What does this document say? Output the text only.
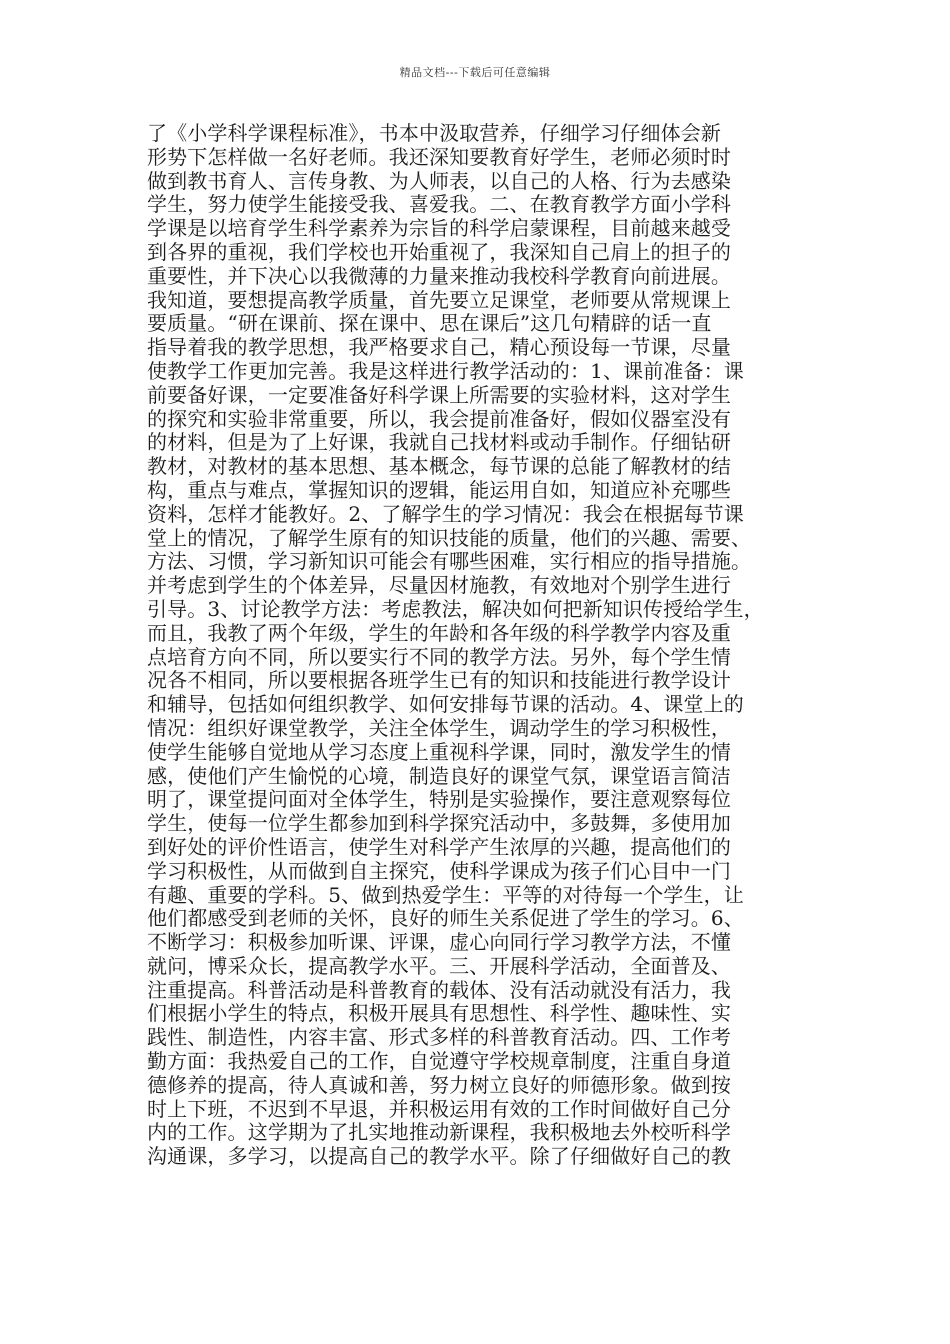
精品文档---下载后可任意编辑
了《小学科学课程标准》，书本中汲取营养，仔细学习仔细体会新
形势下怎样做一名好老师。我还深知要教育好学生，老师必须时时
做到教书育人、言传身教、为人师表，以自己的人格、行为去感染
学生，努力使学生能接受我、喜爱我。二、在教育教学方面小学科
学课是以培育学生科学素养为宗旨的科学启蒙课程，目前越来越受
到各界的重视，我们学校也开始重视了，我深知自己肩上的担子的
重要性，并下决心以我微薄的力量来推动我校科学教育向前进展。
我知道，要想提高教学质量，首先要立足课堂，老师要从常规课上
要质量。“研在课前、探在课中、思在课后”这几句精辟的话一直
指导着我的教学思想，我严格要求自己，精心预设每一节课，尽量
使教学工作更加完善。我是这样进行教学活动的：1、课前准备：课
前要备好课，一定要准备好科学课上所需要的实验材料，这对学生
的探究和实验非常重要，所以，我会提前准备好，假如仪器室没有
的材料，但是为了上好课，我就自己找材料或动手制作。仔细钻研
教材，对教材的基本思想、基本概念，每节课的总能了解教材的结
构，重点与难点，掌握知识的逻辑，能运用自如，知道应补充哪些
资料，怎样才能教好。2、了解学生的学习情况：我会在根据每节课
堂上的情况，了解学生原有的知识技能的质量，他们的兴趣、需要、
方法、习惯，学习新知识可能会有哪些困难，实行相应的指导措施。
并考虑到学生的个体差异，尽量因材施教，有效地对个别学生进行
引导。3、讨论教学方法：考虑教法，解决如何把新知识传授给学生，
而且，我教了两个年级，学生的年龄和各年级的科学教学内容及重
点培育方向不同，所以要实行不同的教学方法。另外，每个学生情
况各不相同，所以要根据各班学生已有的知识和技能进行教学设计
和辅导，包括如何组织教学、如何安排每节课的活动。4、课堂上的
情况：组织好课堂教学，关注全体学生，调动学生的学习积极性，
使学生能够自觉地从学习态度上重视科学课，同时，激发学生的情
感，使他们产生愉悦的心境，制造良好的课堂气氛，课堂语言简洁
明了，课堂提问面对全体学生，特别是实验操作，要注意观察每位
学生，使每一位学生都参加到科学探究活动中，多鼓舞，多使用加
到好处的评价性语言，使学生对科学产生浓厚的兴趣，提高他们的
学习积极性，从而做到自主探究，使科学课成为孩子们心目中一门
有趣、重要的学科。5、做到热爱学生：平等的对待每一个学生，让
他们都感受到老师的关怀，良好的师生关系促进了学生的学习。6、
不断学习：积极参加听课、评课，虚心向同行学习教学方法，不懂
就问，博采众长，提高教学水平。三、开展科学活动，全面普及、
注重提高。科普活动是科普教育的载体、没有活动就没有活力，我
们根据小学生的特点，积极开展具有思想性、科学性、趣味性、实
践性、制造性，内容丰富、形式多样的科普教育活动。四、工作考
勤方面：我热爱自己的工作，自觉遵守学校规章制度，注重自身道
德修养的提高，待人真诚和善，努力树立良好的师德形象。做到按
时上下班，不迟到不早退，并积极运用有效的工作时间做好自己分
内的工作。这学期为了扎实地推动新课程，我积极地去外校听科学
沟通课，多学习，以提高自己的教学水平。除了仔细做好自己的教
